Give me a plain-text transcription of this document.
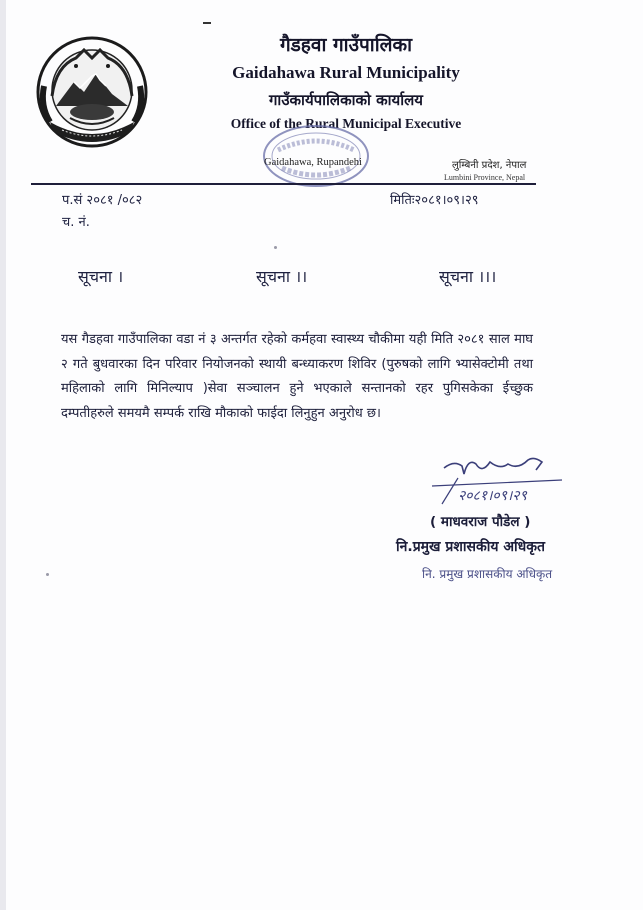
गैडहवा गाउँपालिका
Gaidahawa Rural Municipality
गाउँकार्यपालिकाको कार्यालय
Office of the Rural Municipal Executive
Gaidahawa, Rupandehi	लुम्बिनी प्रदेश, नेपाल
Lumbini Province, Nepal
प.सं २०८१ /०८२
च. नं.
मितिः२०८१।०९।२९
सूचना ।	सूचना ।।	सूचना ।।।
यस गैडहवा गाउँपालिका वडा नं ३ अन्तर्गत रहेको कर्महवा स्वास्थ्य चौकीमा यही मिति २०८१ साल माघ २ गते बुधवारका दिन परिवार नियोजनको स्थायी बन्ध्याकरण शिविर (पुरुषको लागि भ्यासेक्टोमी तथा महिलाको लागि मिनिल्याप )सेवा सञ्चालन हुने भएकाले सन्तानको रहर पुगिसकेका ईच्छुक दम्पतीहरुले समयमै सम्पर्क राखि मौकाको फाईदा लिनुहुन अनुरोध छ।
२०८१।०९।२९
( माधवराज पौडेल )
नि.प्रमुख प्रशासकीय अधिकृत
नि. प्रमुख प्रशासकीय अधिकृत
